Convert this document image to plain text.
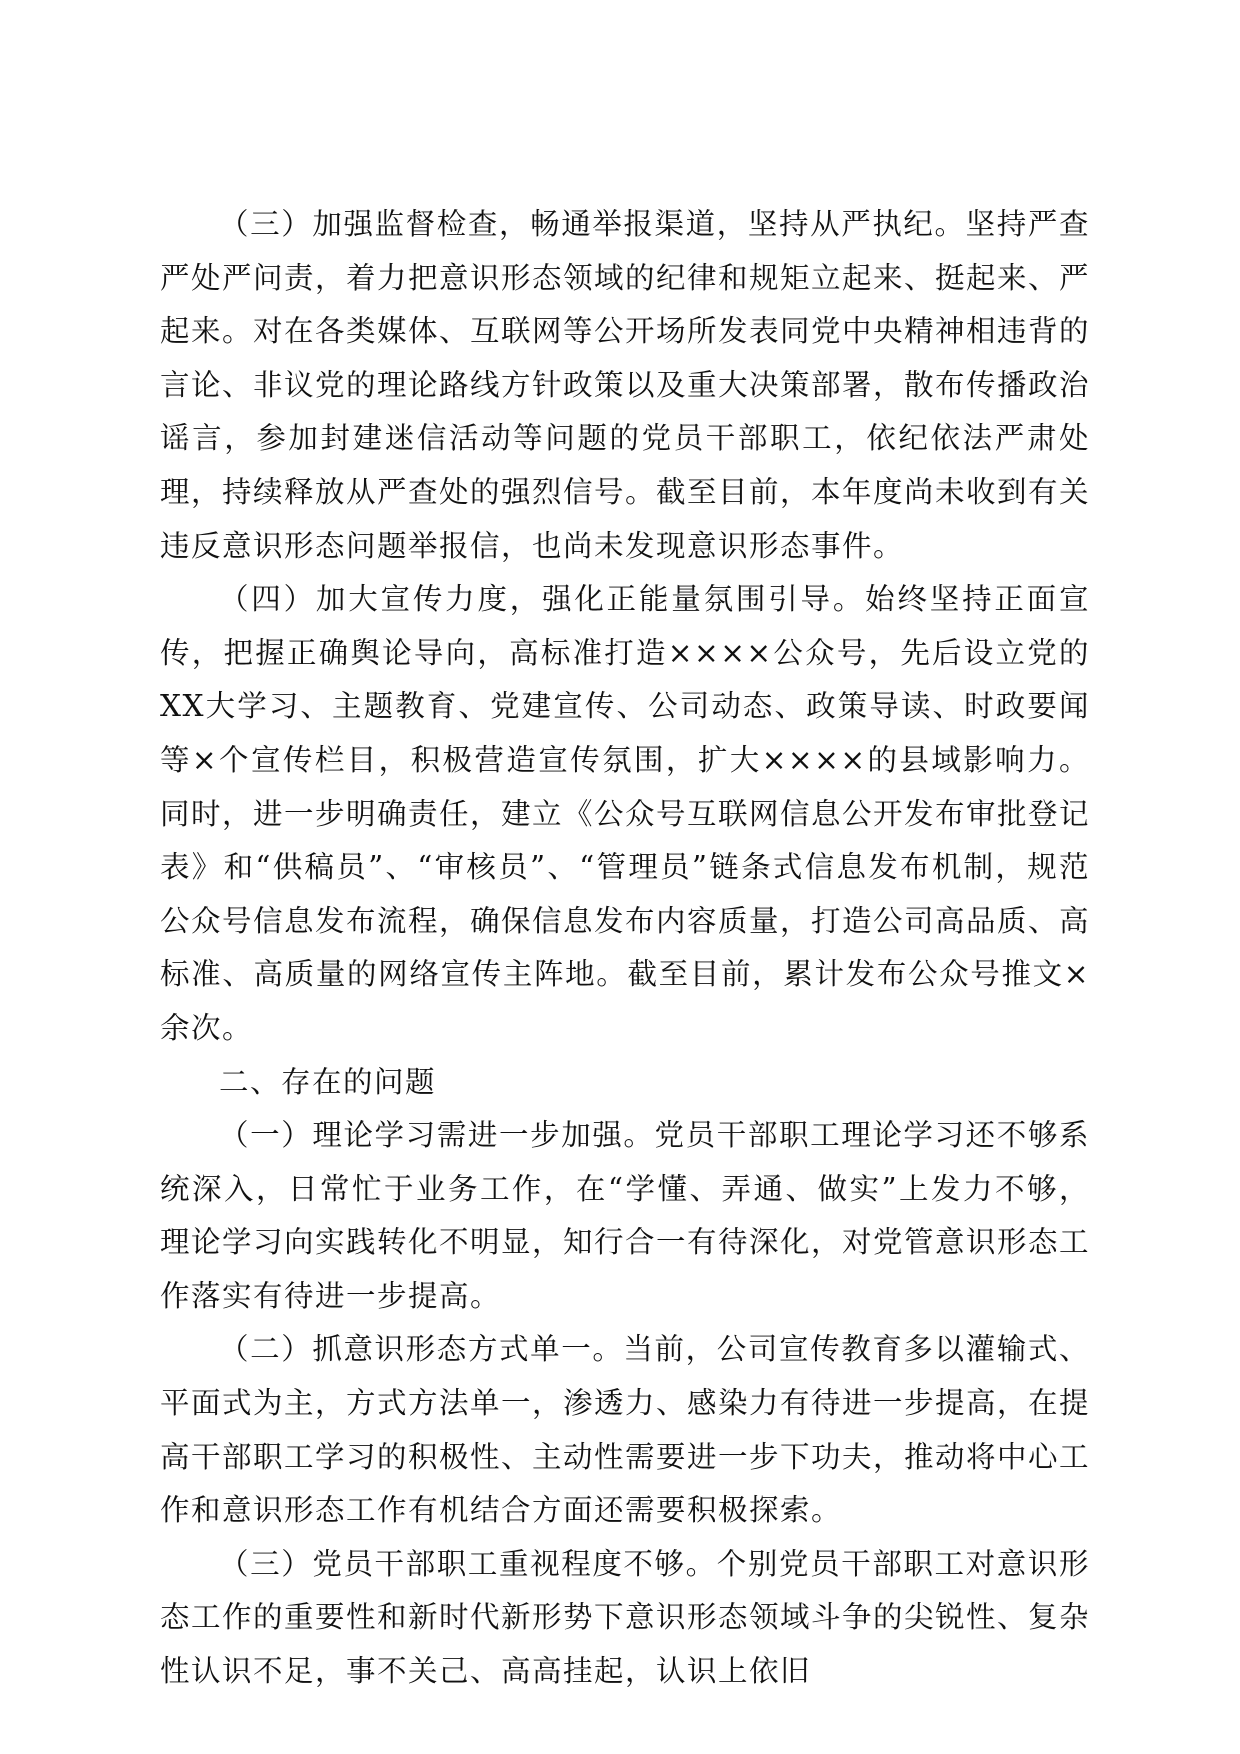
（三）加强监督检查，畅通举报渠道，坚持从严执纪。坚持严查严处严问责，着力把意识形态领域的纪律和规矩立起来、挺起来、严起来。对在各类媒体、互联网等公开场所发表同党中央精神相违背的言论、非议党的理论路线方针政策以及重大决策部署，散布传播政治谣言，参加封建迷信活动等问题的党员干部职工，依纪依法严肃处理，持续释放从严查处的强烈信号。截至目前，本年度尚未收到有关违反意识形态问题举报信，也尚未发现意识形态事件。

（四）加大宣传力度，强化正能量氛围引导。始终坚持正面宣传，把握正确舆论导向，高标准打造××××公众号，先后设立党的XX大学习、主题教育、党建宣传、公司动态、政策导读、时政要闻等×个宣传栏目，积极营造宣传氛围，扩大××××的县域影响力。同时，进一步明确责任，建立《公众号互联网信息公开发布审批登记表》和“供稿员”、“审核员”、“管理员”链条式信息发布机制，规范公众号信息发布流程，确保信息发布内容质量，打造公司高品质、高标准、高质量的网络宣传主阵地。截至目前，累计发布公众号推文×余次。

二、存在的问题

（一）理论学习需进一步加强。党员干部职工理论学习还不够系统深入，日常忙于业务工作，在“学懂、弄通、做实”上发力不够，理论学习向实践转化不明显，知行合一有待深化，对党管意识形态工作落实有待进一步提高。

（二）抓意识形态方式单一。当前，公司宣传教育多以灌输式、平面式为主，方式方法单一，渗透力、感染力有待进一步提高，在提高干部职工学习的积极性、主动性需要进一步下功夫，推动将中心工作和意识形态工作有机结合方面还需要积极探索。

（三）党员干部职工重视程度不够。个别党员干部职工对意识形态工作的重要性和新时代新形势下意识形态领域斗争的尖锐性、复杂性认识不足，事不关己、高高挂起，认识上依旧
